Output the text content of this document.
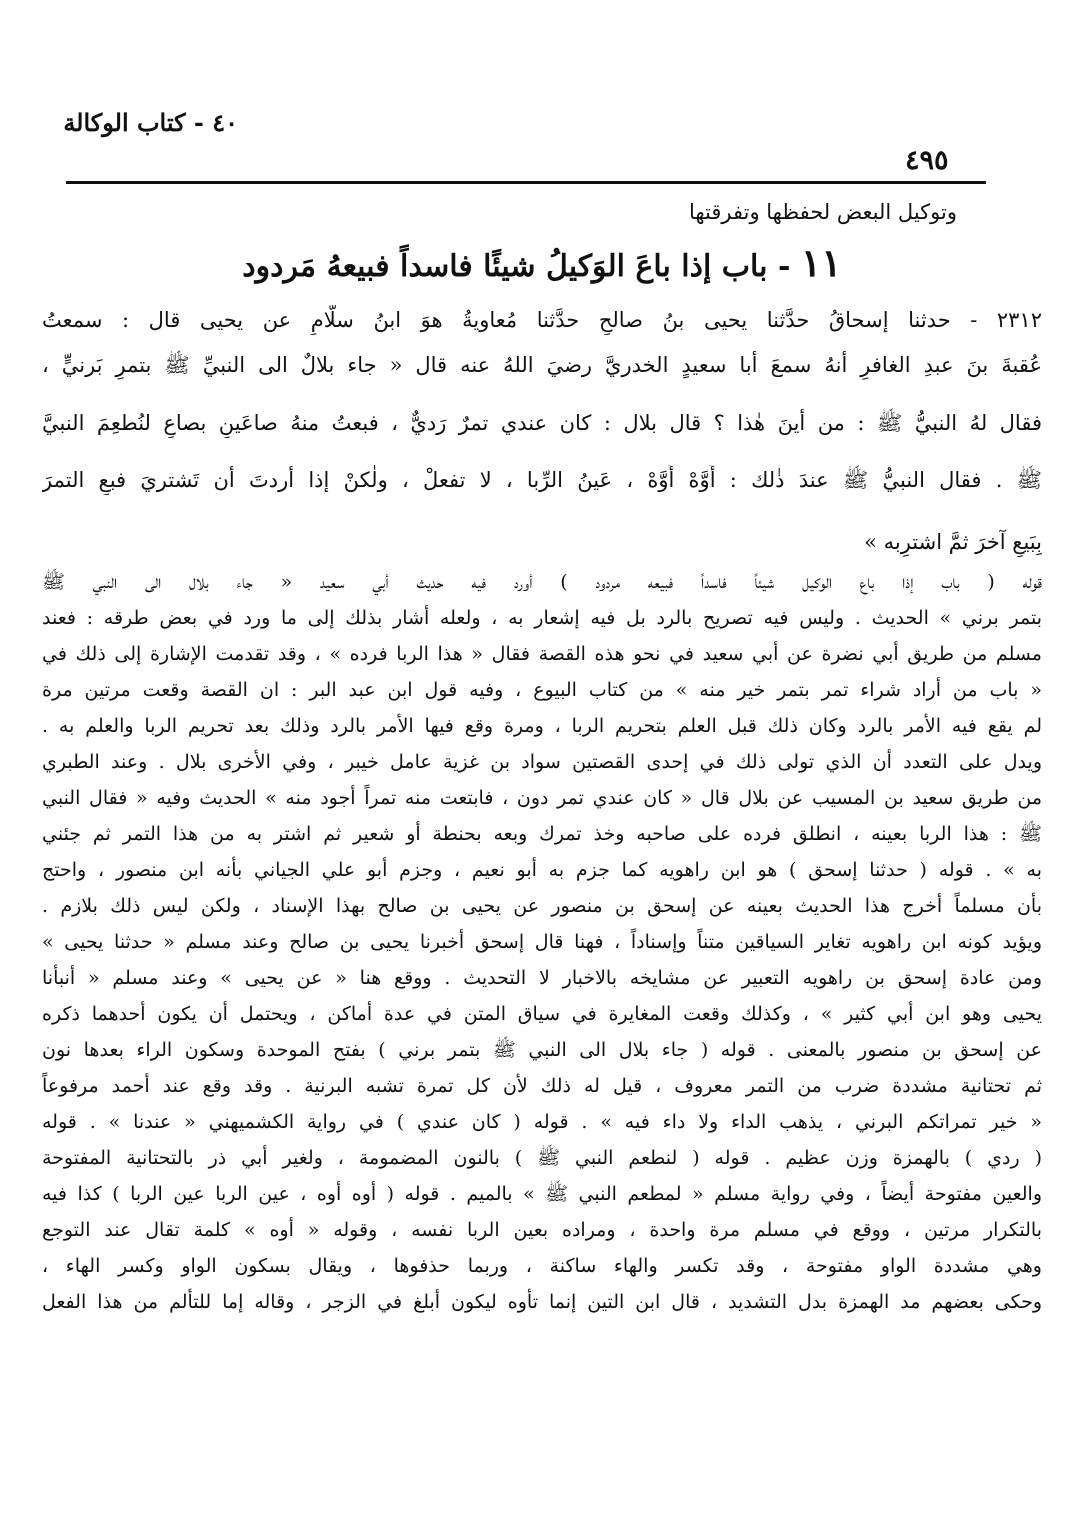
٤٠ - كتاب الوكالة
٤٩٥
وتوكيل البعض لحفظها وتفرقتها
١١ - باب إذا باعَ الوَكيلُ شيئًا فاسداً فبيعهُ مَردود
٢٣١٢ - حدثنا إسحاقُ حدَّثنا يحيى بنُ صالحٍ حدَّثنا مُعاويةُ هوَ ابنُ سلَّامٍ عن يحيى قال : سمعتُ
عُقبةَ بنَ عبدِ الغافرِ أنهُ سمعَ أبا سعيدٍ الخدريَّ رضيَ اللهُ عنه قال « جاء بلالٌ الى النبيِّ ﷺ بتمرٍ بَرنيٍّ ،
فقال لهُ النبيُّ ﷺ : من أينَ هٰذا ؟ قال بلال : كان عندي تمرٌ رَديٌّ ، فبعتُ منهُ صاعَينِ بصاعٍ لنُطعِمَ النبيَّ
ﷺ . فقال النبيُّ ﷺ عندَ ذٰلك : أَوَّهْ أَوَّهْ ، عَينُ الرِّبا ، لا تفعلْ ، ولٰكنْ إذا أردتَ أن تَشتريَ فبعِ التمرَ
بِبَيعٍ آخرَ ثمَّ اشترِبه »
قوله ( باب إذا باع الوكيل شيئاً فاسداً فبيعه مردود ) أورد فيه حديث أبي سعيد « جاء بلال الى النبي ﷺ
بتمر برني » الحديث . وليس فيه تصريح بالرد بل فيه إشعار به ، ولعله أشار بذلك إلى ما ورد في بعض طرقه : فعند
مسلم من طريق أبي نضرة عن أبي سعيد في نحو هذه القصة فقال « هذا الربا فرده » ، وقد تقدمت الإشارة إلى ذلك في
« باب من أراد شراء تمر بتمر خير منه » من كتاب البيوع ، وفيه قول ابن عبد البر : ان القصة وقعت مرتين مرة
لم يقع فيه الأمر بالرد وكان ذلك قبل العلم بتحريم الربا ، ومرة وقع فيها الأمر بالرد وذلك بعد تحريم الربا والعلم به .
ويدل على التعدد أن الذي تولى ذلك في إحدى القصتين سواد بن غزية عامل خيبر ، وفي الأخرى بلال . وعند الطبري
من طريق سعيد بن المسيب عن بلال قال « كان عندي تمر دون ، فابتعت منه تمراً أجود منه » الحديث وفيه « فقال النبي
ﷺ : هذا الربا بعينه ، انطلق فرده على صاحبه وخذ تمرك وبعه بحنطة أو شعير ثم اشتر به من هذا التمر ثم جئني
به » . قوله ( حدثنا إسحق ) هو ابن راهويه كما جزم به أبو نعيم ، وجزم أبو علي الجياني بأنه ابن منصور ، واحتج
بأن مسلماً أخرج هذا الحديث بعينه عن إسحق بن منصور عن يحيى بن صالح بهذا الإسناد ، ولكن ليس ذلك بلازم .
ويؤيد كونه ابن راهويه تغاير السياقين متناً وإسناداً ، فهنا قال إسحق أخبرنا يحيى بن صالح وعند مسلم « حدثنا يحيى »
ومن عادة إسحق بن راهويه التعبير عن مشايخه بالاخبار لا التحديث . ووقع هنا « عن يحيى » وعند مسلم « أنبأنا
يحيى وهو ابن أبي كثير » ، وكذلك وقعت المغايرة في سياق المتن في عدة أماكن ، ويحتمل أن يكون أحدهما ذكره
عن إسحق بن منصور بالمعنى . قوله ( جاء بلال الى النبي ﷺ بتمر برني ) بفتح الموحدة وسكون الراء بعدها نون
ثم تحتانية مشددة ضرب من التمر معروف ، قيل له ذلك لأن كل تمرة تشبه البرنية . وقد وقع عند أحمد مرفوعاً
« خير تمراتكم البرني ، يذهب الداء ولا داء فيه » . قوله ( كان عندي ) في رواية الكشميهني « عندنا » . قوله
( ردي ) بالهمزة وزن عظيم . قوله ( لنطعم النبي ﷺ ) بالنون المضمومة ، ولغير أبي ذر بالتحتانية المفتوحة
والعين مفتوحة أيضاً ، وفي رواية مسلم « لمطعم النبي ﷺ » بالميم . قوله ( أوه أوه ، عين الربا عين الربا ) كذا فيه
بالتكرار مرتين ، ووقع في مسلم مرة واحدة ، ومراده بعين الربا نفسه ، وقوله « أوه » كلمة تقال عند التوجع
وهي مشددة الواو مفتوحة ، وقد تكسر والهاء ساكنة ، وربما حذفوها ، ويقال بسكون الواو وكسر الهاء ،
وحكى بعضهم مد الهمزة بدل التشديد ، قال ابن التين إنما تأوه ليكون أبلغ في الزجر ، وقاله إما للتألم من هذا الفعل
